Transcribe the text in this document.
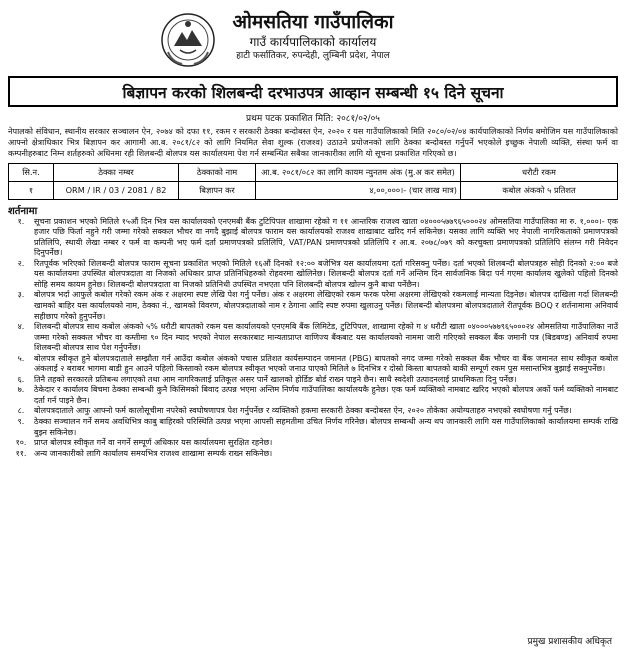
ओमसतिया गाउँपालिका
गाउँ कार्यपालिकाको कार्यालय
हाटी फर्सातिकर, रुपन्देही, लुम्बिनी प्रदेश, नेपाल
बिज्ञापन करको शिलबन्दी दरभाउपत्र आव्हान सम्बन्धी १५ दिने सूचना
प्रथम पटक प्रकाशित मिति: २०८१/०२/०५
नेपालको संविधान, स्थानीय सरकार सञ्चालन ऐन, २०७४ को दफा ११, रकम र सरकारी ठेक्का बन्दोबस्त ऐन, २०२० र यस गाउँपालिकाको मिति २०८०/०२/०४ कार्यपालिकाको निर्णय बमोजिम यस गाउँपालिकाको आफ्नो क्षेत्राधिकार भित्र बिज्ञापन कर आगामी आ.ब. २०८१/८२ को लागि नियमित सेवा शुल्क (राजश्व) उठाउने प्रयोजनको लागि ठेक्का बन्दोबस्त गर्नुपर्ने भएकोले इच्छुक नेपाली व्यक्ति, संस्था फर्म वा कम्पनीहरुबाट निम्न शर्तहरुको अधिनमा रही शिलबन्दी बोलपत्र यस कार्यालयमा पेश गर्न सम्बन्धित सबैका जानकारीका लागि यो सूचना प्रकाशित गरिएको छ।
सि.न.	ठेक्का नम्बर	ठेक्काको नाम	आ.ब. २०८१/०८२ का लागि कायम न्युनतम अंक (मु.अ कर समेत)	धरौटी रकम
१	ORM / IR / 03 / 2081 / 82	बिज्ञापन कर	४,००,०००।- (चार लाख मात्र)	कबोल अंकको ५ प्रतिशत
शर्तनामा
१.	सूचना प्रकाशन भएको मितिले १५औं दिन भित्र यस कार्यालयको एनएमबी बैंक टुटिपिपल शाखामा रहेको ग ११ आन्तरिक राजश्व खाता ०४०००५७७९६५०००२४ ओमसतिया गाउँपालिका मा रु. १,०००।- एक हजार पछि फिर्ता नहुने गरी जम्मा गरेको सक्कल भौचर वा नगदै बुझाई बोलपत्र फाराम यस कार्यालयको राजश्व शाखाबाट खरिद गर्न सकिनेछ। यसका लागि व्यक्ति भए नेपाली नागरिकताको प्रमाणपत्रको प्रतिलिपि, स्थायी लेखा नम्बर र फर्म वा कम्पनी भए फर्म दर्ता प्रमाणपत्रको प्रतिलिपि, VAT/PAN प्रमाणपत्रको प्रतिलिपि र आ.ब. २०७८/०७९ को करचुक्ता प्रमाणपत्रको प्रतिलिपि संलग्न गरी निवेदन दिनुपर्नेछ।
२.	रितपूर्वक भरिएको शिलबन्दी बोलपत्र फाराम सूचना प्रकाशित भएको मितिले १६औं दिनको १२:०० बजेभित्र यस कार्यालयमा दर्ता गरिसक्नु पर्नेछ। दर्ता भएको शिलबन्दी बोलपत्रहरु सोही दिनको २:०० बजे यस कार्यालयमा उपस्थित बोलपत्रदाता वा निजको अधिकार प्राप्त प्रतिनिधिहरुको रोहवरमा खोलिनेछ। शिलबन्दी बोलपत्र दर्ता गर्ने अन्तिम दिन सार्वजनिक बिदा पर्न गएमा कार्यालय खुलेको पहिलो दिनको सोहि समय कायम हुनेछ। शिलबन्दी बोलपत्रदाता वा निजको प्रतिनिधी उपस्थित नभएता पनि शिलबन्दी बोलपत्र खोल्न कुनै बाधा पर्नेछैन।
३.	बोलपत्र भर्दा आफुले कबोल गरेको रकम अंक र अक्षरमा स्पष्ट लेखि पेश गर्नु पर्नेछ। अंक र अक्षरमा लेखिएको रकम फरक परेमा अक्षरमा लेखिएको रकमलाई मान्यता दिइनेछ। बोलपत्र दाखिला गर्दा शिलबन्दी खामको बाहिर यस कार्यालयको नाम, ठेक्का नं., खामको विवरण, बोलपत्रदाताको नाम र ठेगाना आदि स्पष्ट रुपमा खुलाउनु पर्नेछ। शिलबन्दी बोलपत्रमा बोलपत्रदाताले रीतपूर्वक BOQ र शर्तनामामा अनिवार्य सहीछाप गरेको हुनुपर्नेछ।
४.	शिलबन्दी बोलपत्र साथ कबोल अंकको ५% धरौटी बापतको रकम यस कार्यालयको एनएमबि बैंक लिमिटेड, टुटिपिपल, शाखामा रहेको ग ४ धरौटी खाता ०४०००५७७९६५०००२४ ओमसतिया गाउँपालिका नाउँ जम्मा गरेको सक्कल भौचर वा कम्तीमा ९० दिन म्याद भएको नेपाल सरकारबाट मान्यताप्राप्त वाणिज्य बैंकबाट यस कार्यालयको नाममा जारी गरिएको सक्कल बैंक जमानी पत्र (बिडबण्ड) अनिवार्य रुपमा शिलबन्दी बोलपत्र साथ पेश गर्नुपर्नेछ।
५.	बोलपत्र स्वीकृत हुने बोलपत्रदाताले सम्झौता गर्न आउँदा कबोल अंकको पचास प्रतिशत कार्यसम्पादन जमानत (PBG) बापतको नगद जम्मा गरेको सक्कल बैंक भौचर वा बैंक जमानत साथ स्वीकृत कबोल अंकलाई २ बराबर भागमा बाडी हुन आउने पहिलो किस्ताको रकम बोलपत्र स्वीकृत भएको जनाउ पाएको मितिले ७ दिनभित्र र दोस्रो किस्ता बापतको बाकी सम्पूर्ण रकम पुस मसान्तभित्र बुझाई सक्नुपर्नेछ।
६.	तिनै तहको सरकारले प्रतिबन्ध लगाएको तथा आम नागरिकलाई प्रतिकूल असर पार्ने खालको होर्डिङ बोर्ड राख्न पाइने छैन। साथै स्वदेशी उत्पादनलाई प्राथमिकता दिनु पर्नेछ।
७.	ठेकेदार र कार्यालय बिचमा ठेक्का सम्बन्धी कुनै किसिमको बिवाद उत्पन्न भएमा अन्तिम निर्णय गाउँपालिका कार्यालयकै हुनेछ। एक फर्म व्यक्तिको नामबाट खरिद भएको बोलपत्र अर्को फर्म व्यक्तिको नामबाट दर्ता गर्न पाइने छैन।
८.	बोलपत्रदाताले आफु आफ्नो फर्म कालोसूचीमा नपरेको स्वघोषणापत्र पेश गर्नुपर्नेछ र व्यक्तिको हकमा सरकारी ठेक्का बन्दोबस्त ऐन, २०२० तोकेका अयोग्यताहरु नभएको स्वघोषणा गर्नु पर्नेछ।
९.	ठेक्का सञ्चालन गर्ने समय अवधिभित्र काबु बाहिरको परिस्थिति उत्पन्न भएमा आपसी सहमतीमा उचित निर्णय गरिनेछ। बोलपत्र सम्बन्धी अन्य थप जानकारी लागि यस गाउँपालिकाको कार्यालयमा सम्पर्क राखि बुझ्न सकिनेछ।
१०. प्राप्त बोलपत्र स्वीकृत गर्ने वा नगर्ने सम्पूर्ण अधिकार यस कार्यालयमा सुरक्षित रहनेछ।
११. अन्य जानकारीको लागि कार्यालय समयभित्र राजश्व शाखामा सम्पर्क राख्न सकिनेछ।
प्रमुख प्रशासकीय अधिकृत
